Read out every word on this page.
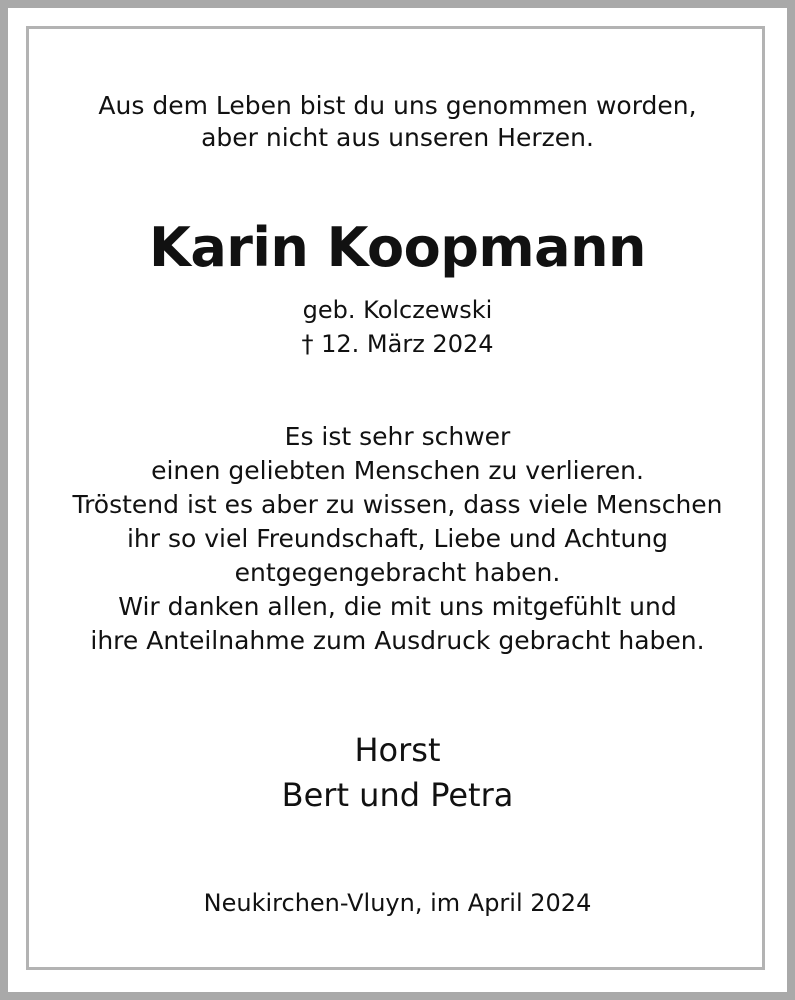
Aus dem Leben bist du uns genommen worden,
aber nicht aus unseren Herzen.
Karin Koopmann
geb. Kolczewski
† 12. März 2024
Es ist sehr schwer
einen geliebten Menschen zu verlieren.
Tröstend ist es aber zu wissen, dass viele Menschen
ihr so viel Freundschaft, Liebe und Achtung
entgegengebracht haben.
Wir danken allen, die mit uns mitgefühlt und
ihre Anteilnahme zum Ausdruck gebracht haben.
Horst
Bert und Petra
Neukirchen-Vluyn, im April 2024
